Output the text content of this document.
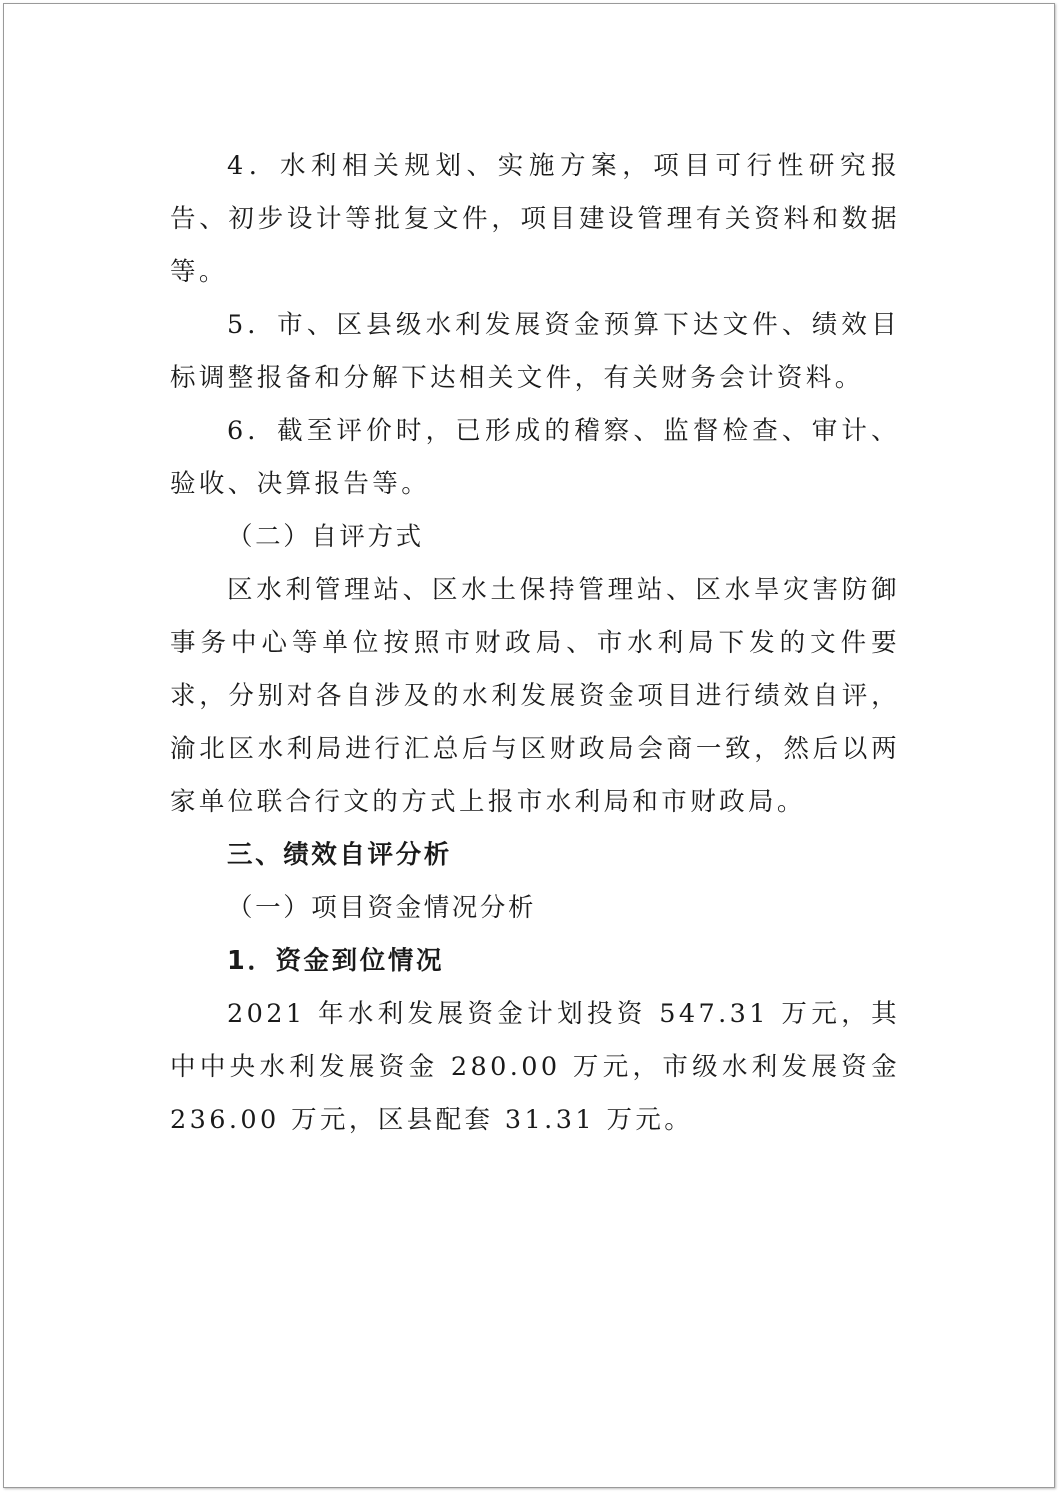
4．水利相关规划、实施方案，项目可行性研究报告、初步设计等批复文件，项目建设管理有关资料和数据等。

5．市、区县级水利发展资金预算下达文件、绩效目标调整报备和分解下达相关文件，有关财务会计资料。

6．截至评价时，已形成的稽察、监督检查、审计、验收、决算报告等。

（二）自评方式

区水利管理站、区水土保持管理站、区水旱灾害防御事务中心等单位按照市财政局、市水利局下发的文件要求，分别对各自涉及的水利发展资金项目进行绩效自评，渝北区水利局进行汇总后与区财政局会商一致，然后以两家单位联合行文的方式上报市水利局和市财政局。

三、绩效自评分析

（一）项目资金情况分析

1．资金到位情况

2021 年水利发展资金计划投资 547.31 万元，其中中央水利发展资金 280.00 万元，市级水利发展资金 236.00 万元，区县配套 31.31 万元。
